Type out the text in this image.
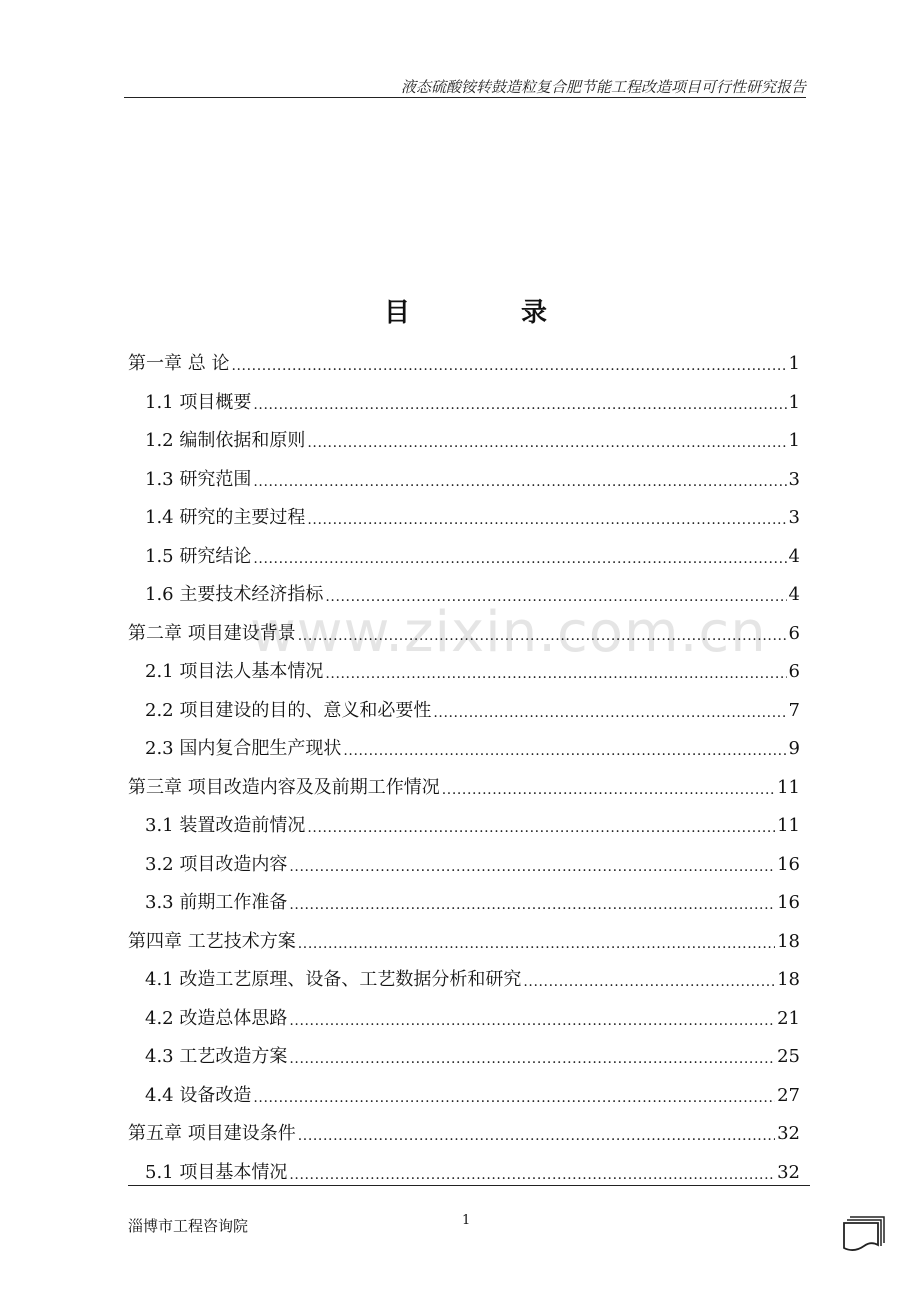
液态硫酸铵转鼓造粒复合肥节能工程改造项目可行性研究报告
目	录
www.zixin.com.cn
第一章 总 论 .....	1
1.1 项目概要 .....	1
1.2 编制依据和原则 .....	1
1.3 研究范围 .....	3
1.4 研究的主要过程 .....	3
1.5 研究结论 .....	4
1.6 主要技术经济指标 .....	4
第二章 项目建设背景 .....	6
2.1 项目法人基本情况 .....	6
2.2 项目建设的目的、意义和必要性 .....	7
2.3 国内复合肥生产现状 .....	9
第三章 项目改造内容及及前期工作情况 .....	11
3.1 装置改造前情况 .....	11
3.2 项目改造内容 .....	16
3.3 前期工作准备 .....	16
第四章 工艺技术方案 .....	18
4.1 改造工艺原理、设备、工艺数据分析和研究 .....	18
4.2 改造总体思路 .....	21
4.3 工艺改造方案 .....	25
4.4 设备改造 .....	27
第五章 项目建设条件 .....	32
5.1 项目基本情况 .....	32
淄博市工程咨询院	1
